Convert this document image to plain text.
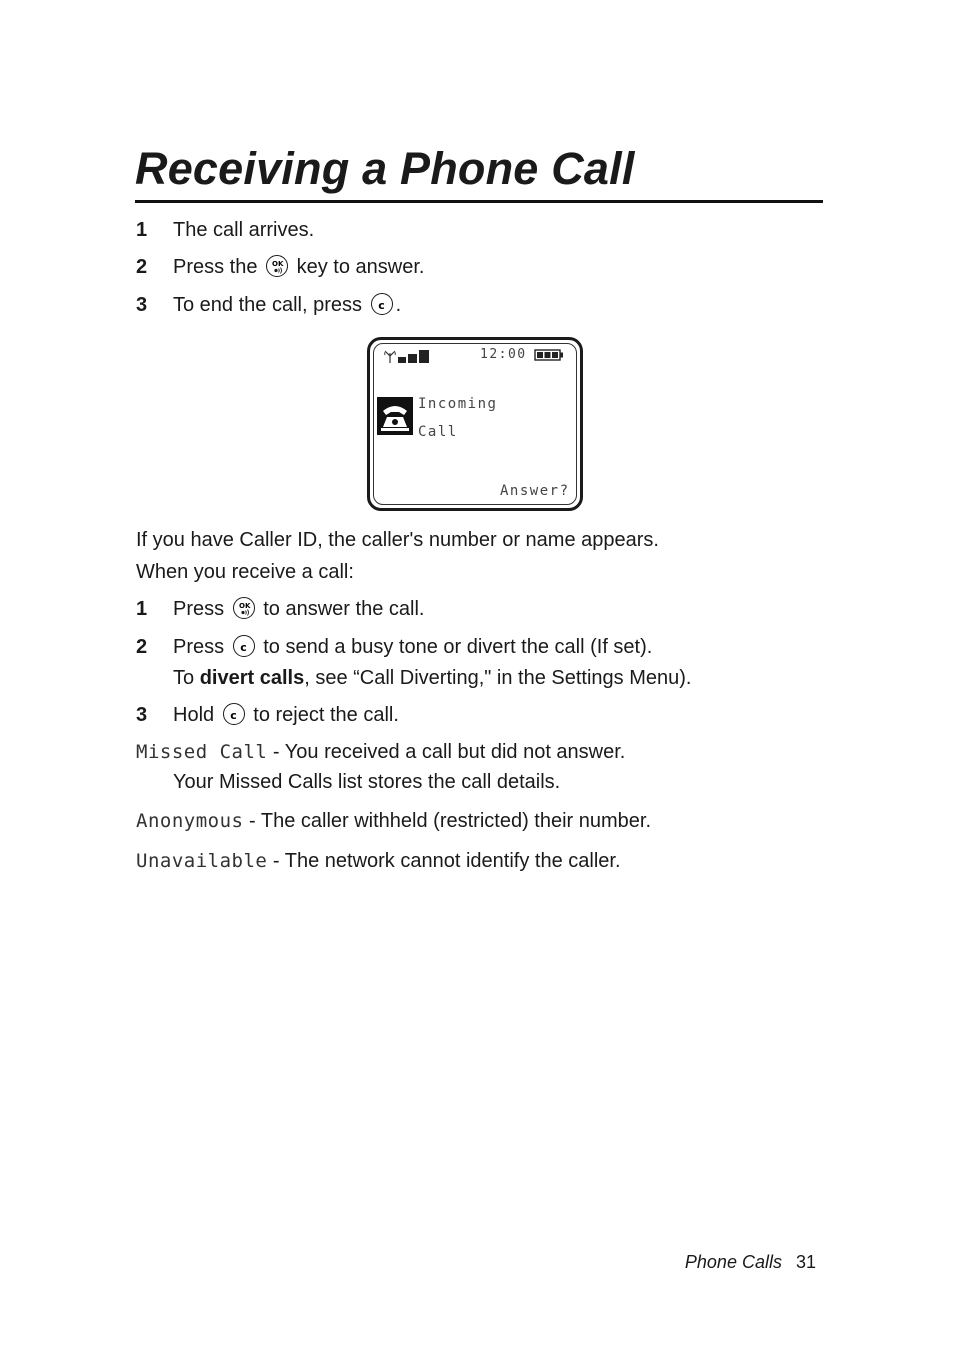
Receiving a Phone Call
1 The call arrives.
2 Press the OK key to answer.
3 To end the call, press c .
12:00
Incoming
Call
Answer?
If you have Caller ID, the caller's number or name appears.
When you receive a call:
1 Press OK to answer the call.
2 Press c to send a busy tone or divert the call (If set).
To divert calls, see “Call Diverting," in the Settings Menu).
3 Hold c to reject the call.
Missed Call - You received a call but did not answer.
Your Missed Calls list stores the call details.
Anonymous - The caller withheld (restricted) their number.
Unavailable - The network cannot identify the caller.
Phone Calls 31
